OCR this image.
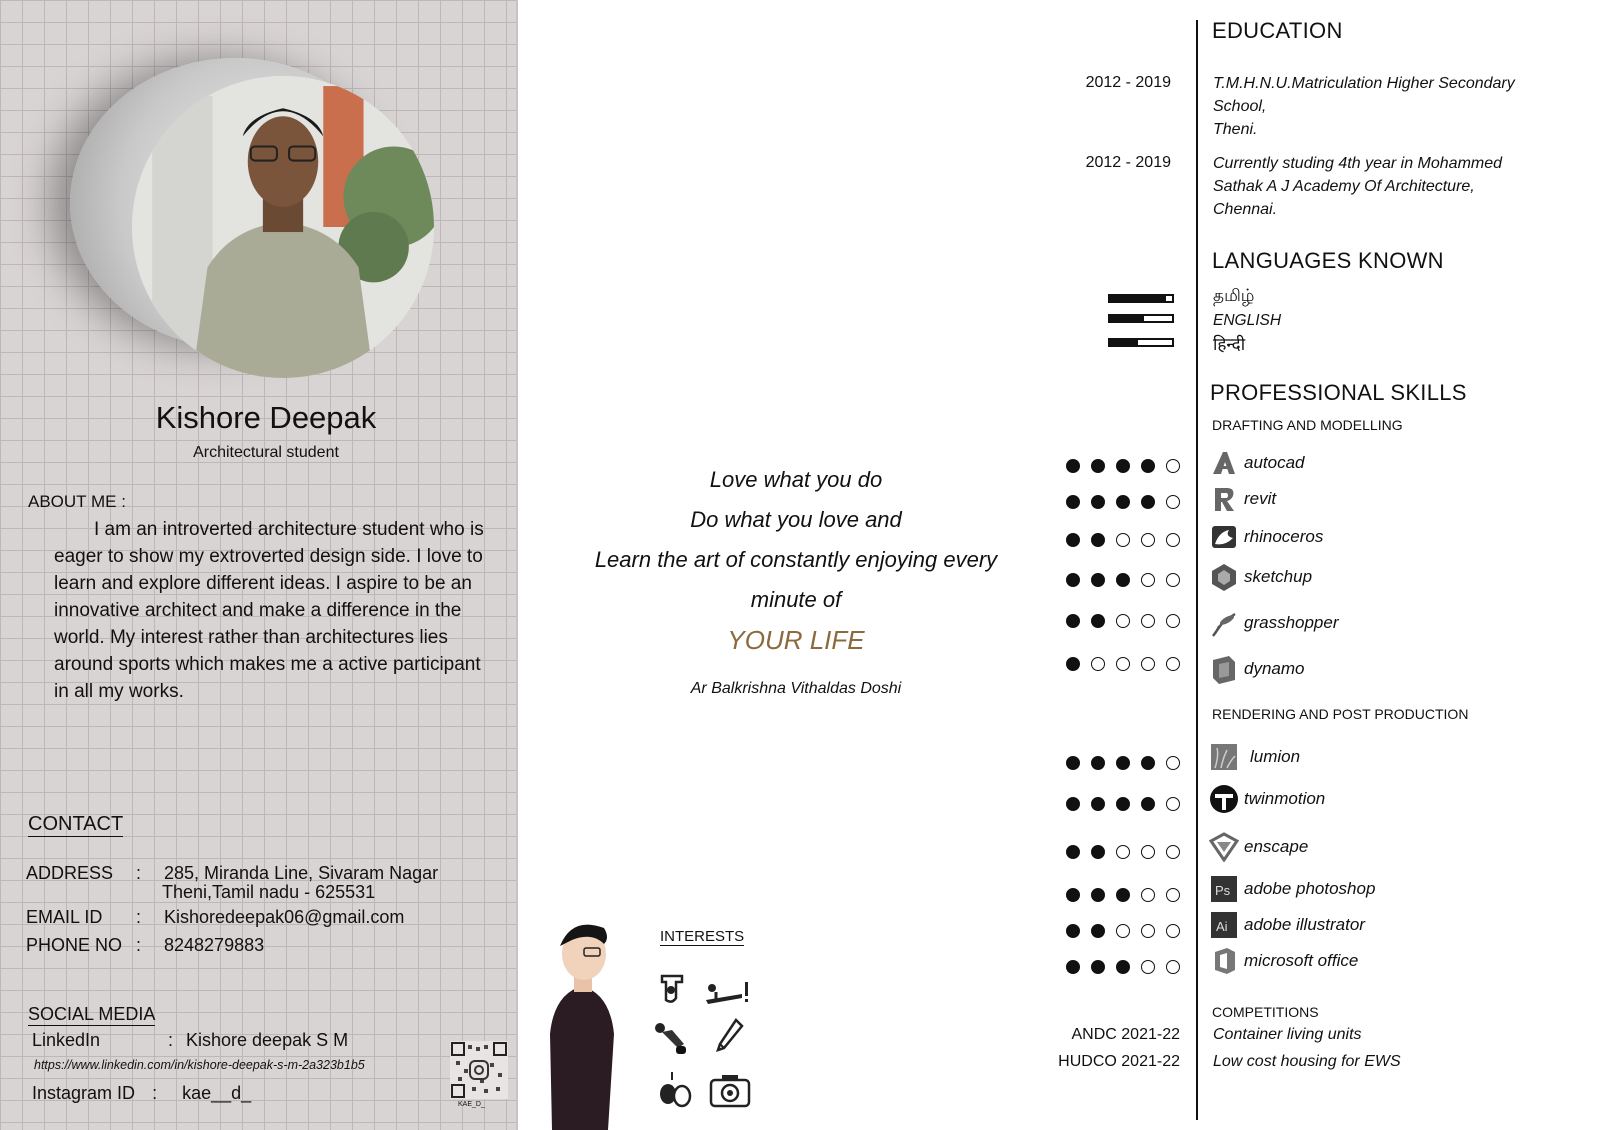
Kishore Deepak
Architectural student
ABOUT ME :
I am an introverted architecture student who is eager to show my extroverted design side. I love to learn and explore different ideas. I aspire to be an innovative architect and make a difference in the world. My interest rather than architectures lies around sports which makes me a active participant in all my works.
CONTACT
ADDRESS : 285, Miranda Line, Sivaram Nagar
Theni,Tamil nadu - 625531
EMAIL ID : Kishoredeepak06@gmail.com
PHONE NO : 8248279883
SOCIAL MEDIA
LinkedIn	: Kishore deepak S M
https://www.linkedin.com/in/kishore-deepak-s-m-2a323b1b5
Instagram ID : kae__d_
KAE_D_
Love what you do
Do what you love and
Learn the art of constantly enjoying every
minute of
YOUR LIFE
Ar Balkrishna Vithaldas Doshi
INTERESTS
2012 - 2019
2012 - 2019
ANDC 2021-22
HUDCO 2021-22
EDUCATION
T.M.H.N.U.Matriculation Higher Secondary
School,
Theni.
Currently studing 4th year in Mohammed
Sathak A J Academy Of Architecture,
Chennai.
LANGUAGES KNOWN
தமிழ்
ENGLISH
हिन्दी
PROFESSIONAL SKILLS
DRAFTING AND MODELLING
autocad
revit
rhinoceros
sketchup
grasshopper
dynamo
RENDERING AND POST PRODUCTION
lumion
twinmotion
enscape
Ps adobe photoshop
Ai adobe illustrator
microsoft office
COMPETITIONS
Container living units
Low cost housing for EWS
